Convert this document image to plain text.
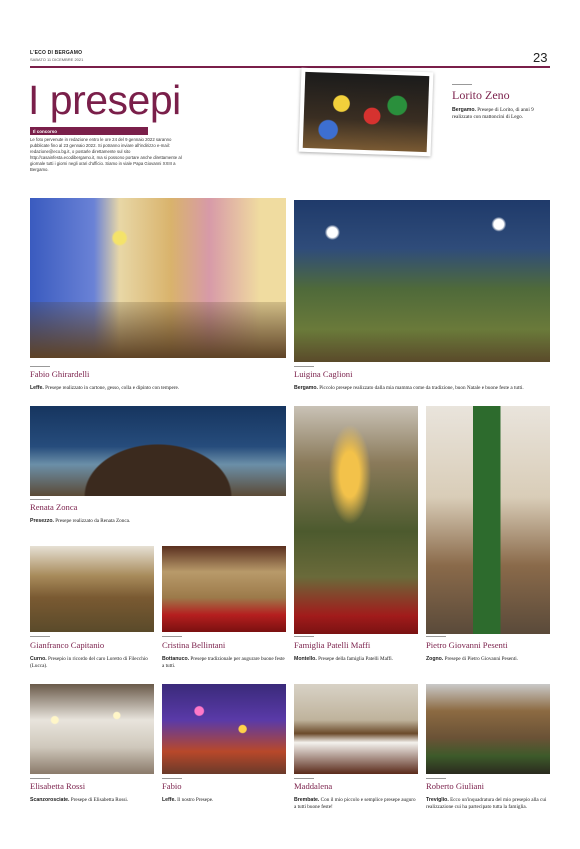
L'ECO DI BERGAMO
SABATO 11 DICEMBRE 2021	23
I presepi
Il concorso
Le foto pervenute in redazione entro le ore 24 del 9 gennaio 2022 saranno pubblicate fino al 23 gennaio 2022. Si potranno inviare all'indirizzo e-mail: redazione@eco.bg.it, o postarle direttamente sul sito http://casainfesta.ecodibergamo.it, ma si possono portare anche direttamente al giornale tutti i giorni negli orari d'ufficio. Siamo in viale Papa Giovanni XXIII a Bergamo.
Lorito Zeno
Bergamo. Presepe di Lorito, di anni 9 realizzato con mattoncini di Lego.
Fabio Ghirardelli
Leffe. Presepe realizzato in cartone, gesso, colla e dipinto con tempere.
Luigina Caglioni
Bergamo. Piccolo presepe realizzato dalla mia mamma come da tradizione, buon Natale e buone feste a tutti.
Renata Zonca
Presezzo. Presepe realizzato da Renata Zonca.
Gianfranco Capitanio
Curno. Presepio in ricordo del caro Loretto di Filecchio (Lucca).
Cristina Bellintani
Bottanuco. Presepe tradizionale per augurare buone feste a tutti.
Famiglia Patelli Maffi
Montello. Presepe della famiglia Patelli Maffi.
Pietro Giovanni Pesenti
Zogno. Presepe di Pietro Giovanni Pesenti.
Elisabetta Rossi
Scanzorosciate. Presepe di Elisabetta Rossi.
Fabio
Leffe. Il nostro Presepe.
Maddalena
Brembate. Con il mio piccolo e semplice presepe auguro a tutti buone feste!
Roberto Giuliani
Treviglio. Ecco un'inquadratura del mio presepio alla cui realizzazione cui ha partecipato tutta la famiglia.
